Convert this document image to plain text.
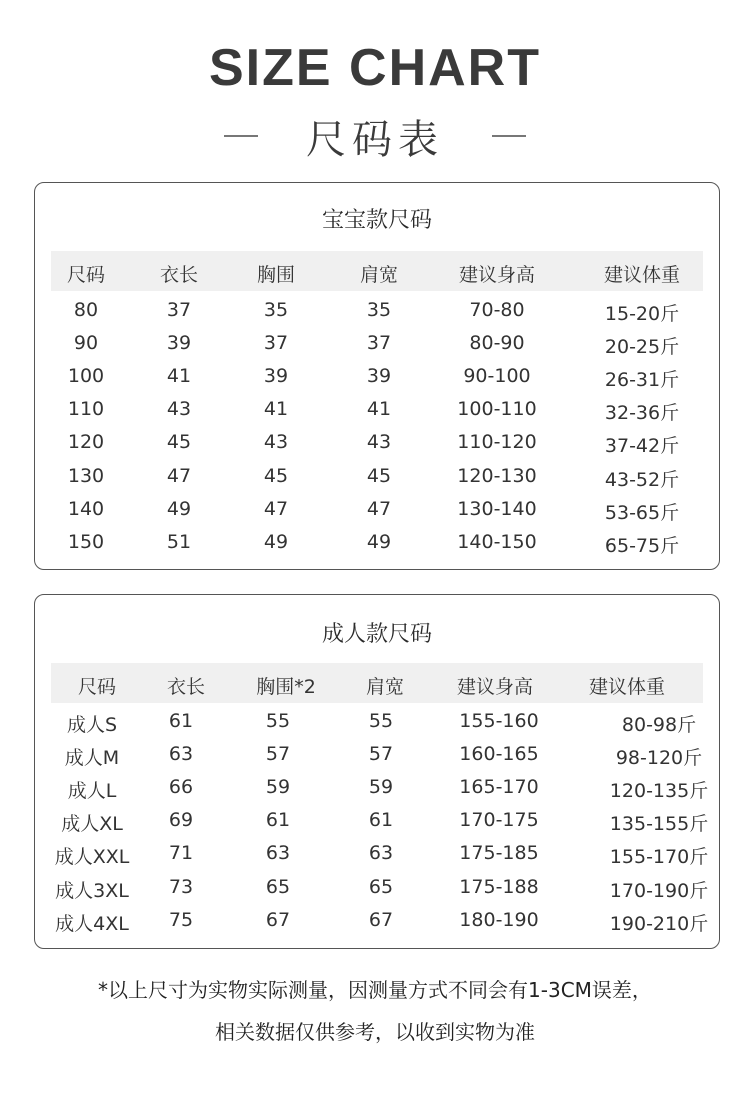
SIZE CHART
尺码表
宝宝款尺码
尺码	衣长	胸围	肩宽	建议身高	建议体重
80	37	35	35	70-80	15-20斤
90	39	37	37	80-90	20-25斤
100	41	39	39	90-100	26-31斤
110	43	41	41	100-110	32-36斤
120	45	43	43	110-120	37-42斤
130	47	45	45	120-130	43-52斤
140	49	47	47	130-140	53-65斤
150	51	49	49	140-150	65-75斤
成人款尺码
尺码	衣长	胸围*2	肩宽	建议身高	建议体重
成人S	61	55	55	155-160	80-98斤
成人M	63	57	57	160-165	98-120斤
成人L	66	59	59	165-170	120-135斤
成人XL 69	61	61	170-175	135-155斤
成人XXL 71	63	63	175-185	155-170斤
成人3XL 73	65	65	175-188	170-190斤
成人4XL 75	67	67	180-190	190-210斤
*以上尺寸为实物实际测量，因测量方式不同会有1-3CM误差，
相关数据仅供参考，以收到实物为准
